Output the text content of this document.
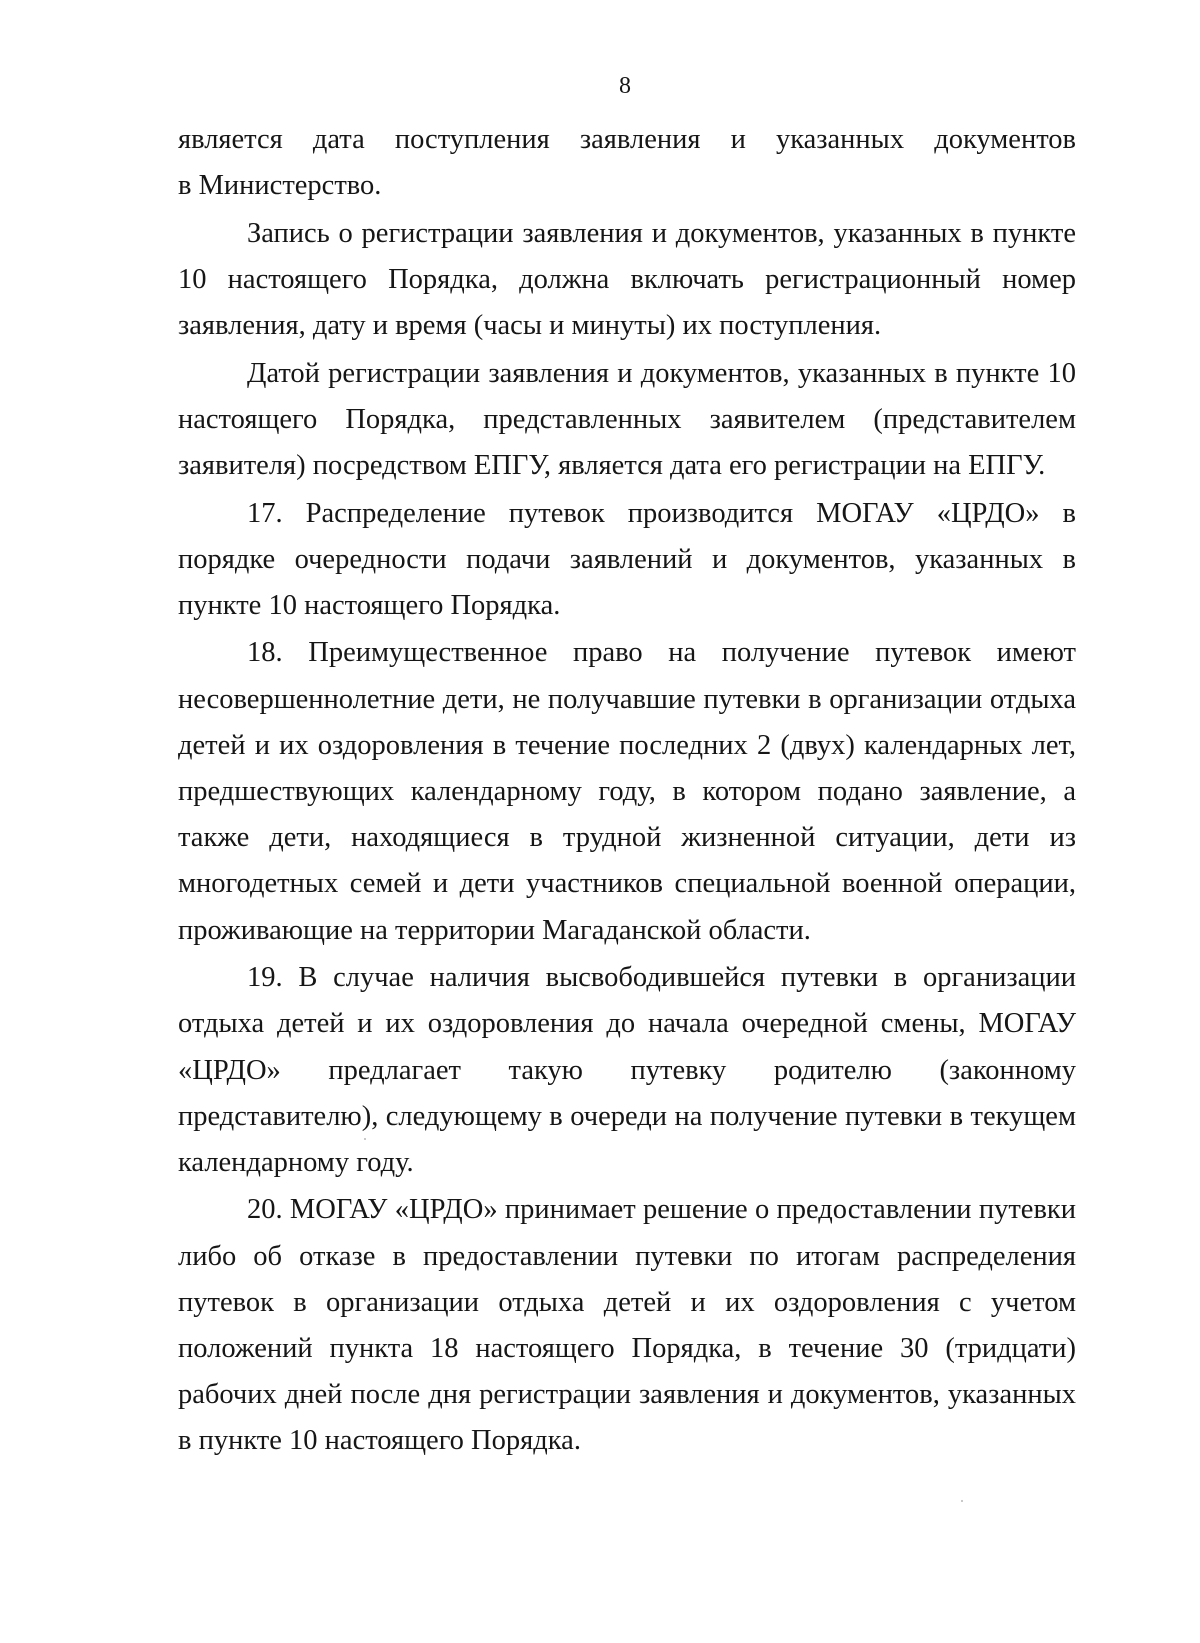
8

является дата поступления заявления и указанных документов
в Министерство.

Запись о регистрации заявления и документов, указанных в пункте 10 настоящего Порядка, должна включать регистрационный номер заявления, дату и время (часы и минуты) их поступления.

Датой регистрации заявления и документов, указанных в пункте 10 настоящего Порядка, представленных заявителем (представителем заявителя) посредством ЕПГУ, является дата его регистрации на ЕПГУ.

17. Распределение путевок производится МОГАУ «ЦРДО» в порядке очередности подачи заявлений и документов, указанных в пункте 10 настоящего Порядка.

18. Преимущественное право на получение путевок имеют несовершеннолетние дети, не получавшие путевки в организации отдыха детей и их оздоровления в течение последних 2 (двух) календарных лет, предшествующих календарному году, в котором подано заявление, а также дети, находящиеся в трудной жизненной ситуации, дети из многодетных семей и дети участников специальной военной операции, проживающие на территории Магаданской области.

19. В случае наличия высвободившейся путевки в организации отдыха детей и их оздоровления до начала очередной смены, МОГАУ «ЦРДО» предлагает такую путевку родителю (законному представителю), следующему в очереди на получение путевки в текущем календарному году.

20. МОГАУ «ЦРДО» принимает решение о предоставлении путевки либо об отказе в предоставлении путевки по итогам распределения путевок в организации отдыха детей и их оздоровления с учетом положений пункта 18 настоящего Порядка, в течение 30 (тридцати) рабочих дней после дня регистрации заявления и документов, указанных в пункте 10 настоящего Порядка.
